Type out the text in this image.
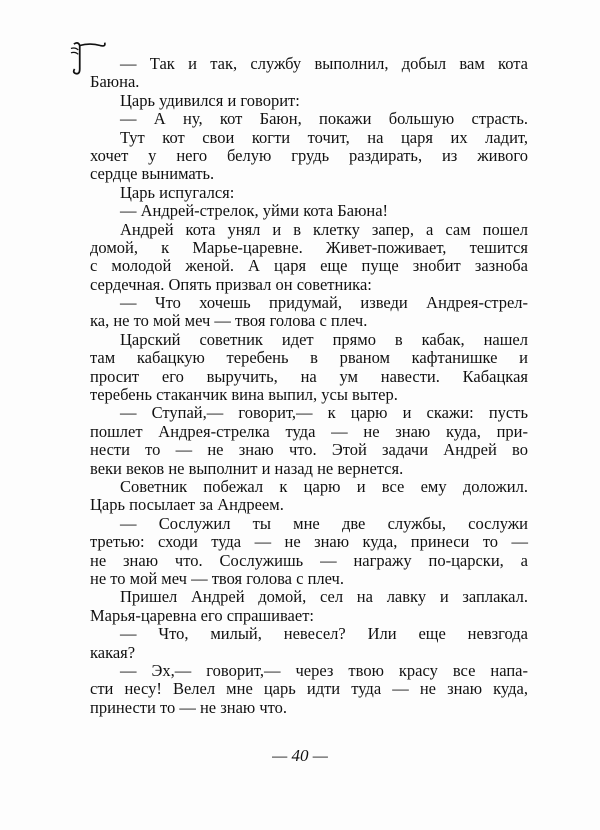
— Так и так, службу выполнил, добыл вам кота
Баюна.
Царь удивился и говорит:
— А ну, кот Баюн, покажи большую страсть.
Тут кот свои когти точит, на царя их ладит,
хочет у него белую грудь раздирать, из живого
сердце вынимать.
Царь испугался:
— Андрей-стрелок, уйми кота Баюна!
Андрей кота унял и в клетку запер, а сам пошел
домой, к Марье-царевне. Живет-поживает, тешится
с молодой женой. А царя еще пуще знобит зазноба
сердечная. Опять призвал он советника:
— Что хочешь придумай, изведи Андрея-стрел-
ка, не то мой меч — твоя голова с плеч.
Царский советник идет прямо в кабак, нашел
там кабацкую теребень в рваном кафтанишке и
просит его выручить, на ум навести. Кабацкая
теребень стаканчик вина выпил, усы вытер.
— Ступай,— говорит,— к царю и скажи: пусть
пошлет Андрея-стрелка туда — не знаю куда, при-
нести то — не знаю что. Этой задачи Андрей во
веки веков не выполнит и назад не вернется.
Советник побежал к царю и все ему доложил.
Царь посылает за Андреем.
— Сослужил ты мне две службы, сослужи
третью: сходи туда — не знаю куда, принеси то —
не знаю что. Сослужишь — награжу по-царски, а
не то мой меч — твоя голова с плеч.
Пришел Андрей домой, сел на лавку и заплакал.
Марья-царевна его спрашивает:
— Что, милый, невесел? Или еще невзгода
какая?
— Эх,— говорит,— через твою красу все напа-
сти несу! Велел мне царь идти туда — не знаю куда,
принести то — не знаю что.
— 40 —
